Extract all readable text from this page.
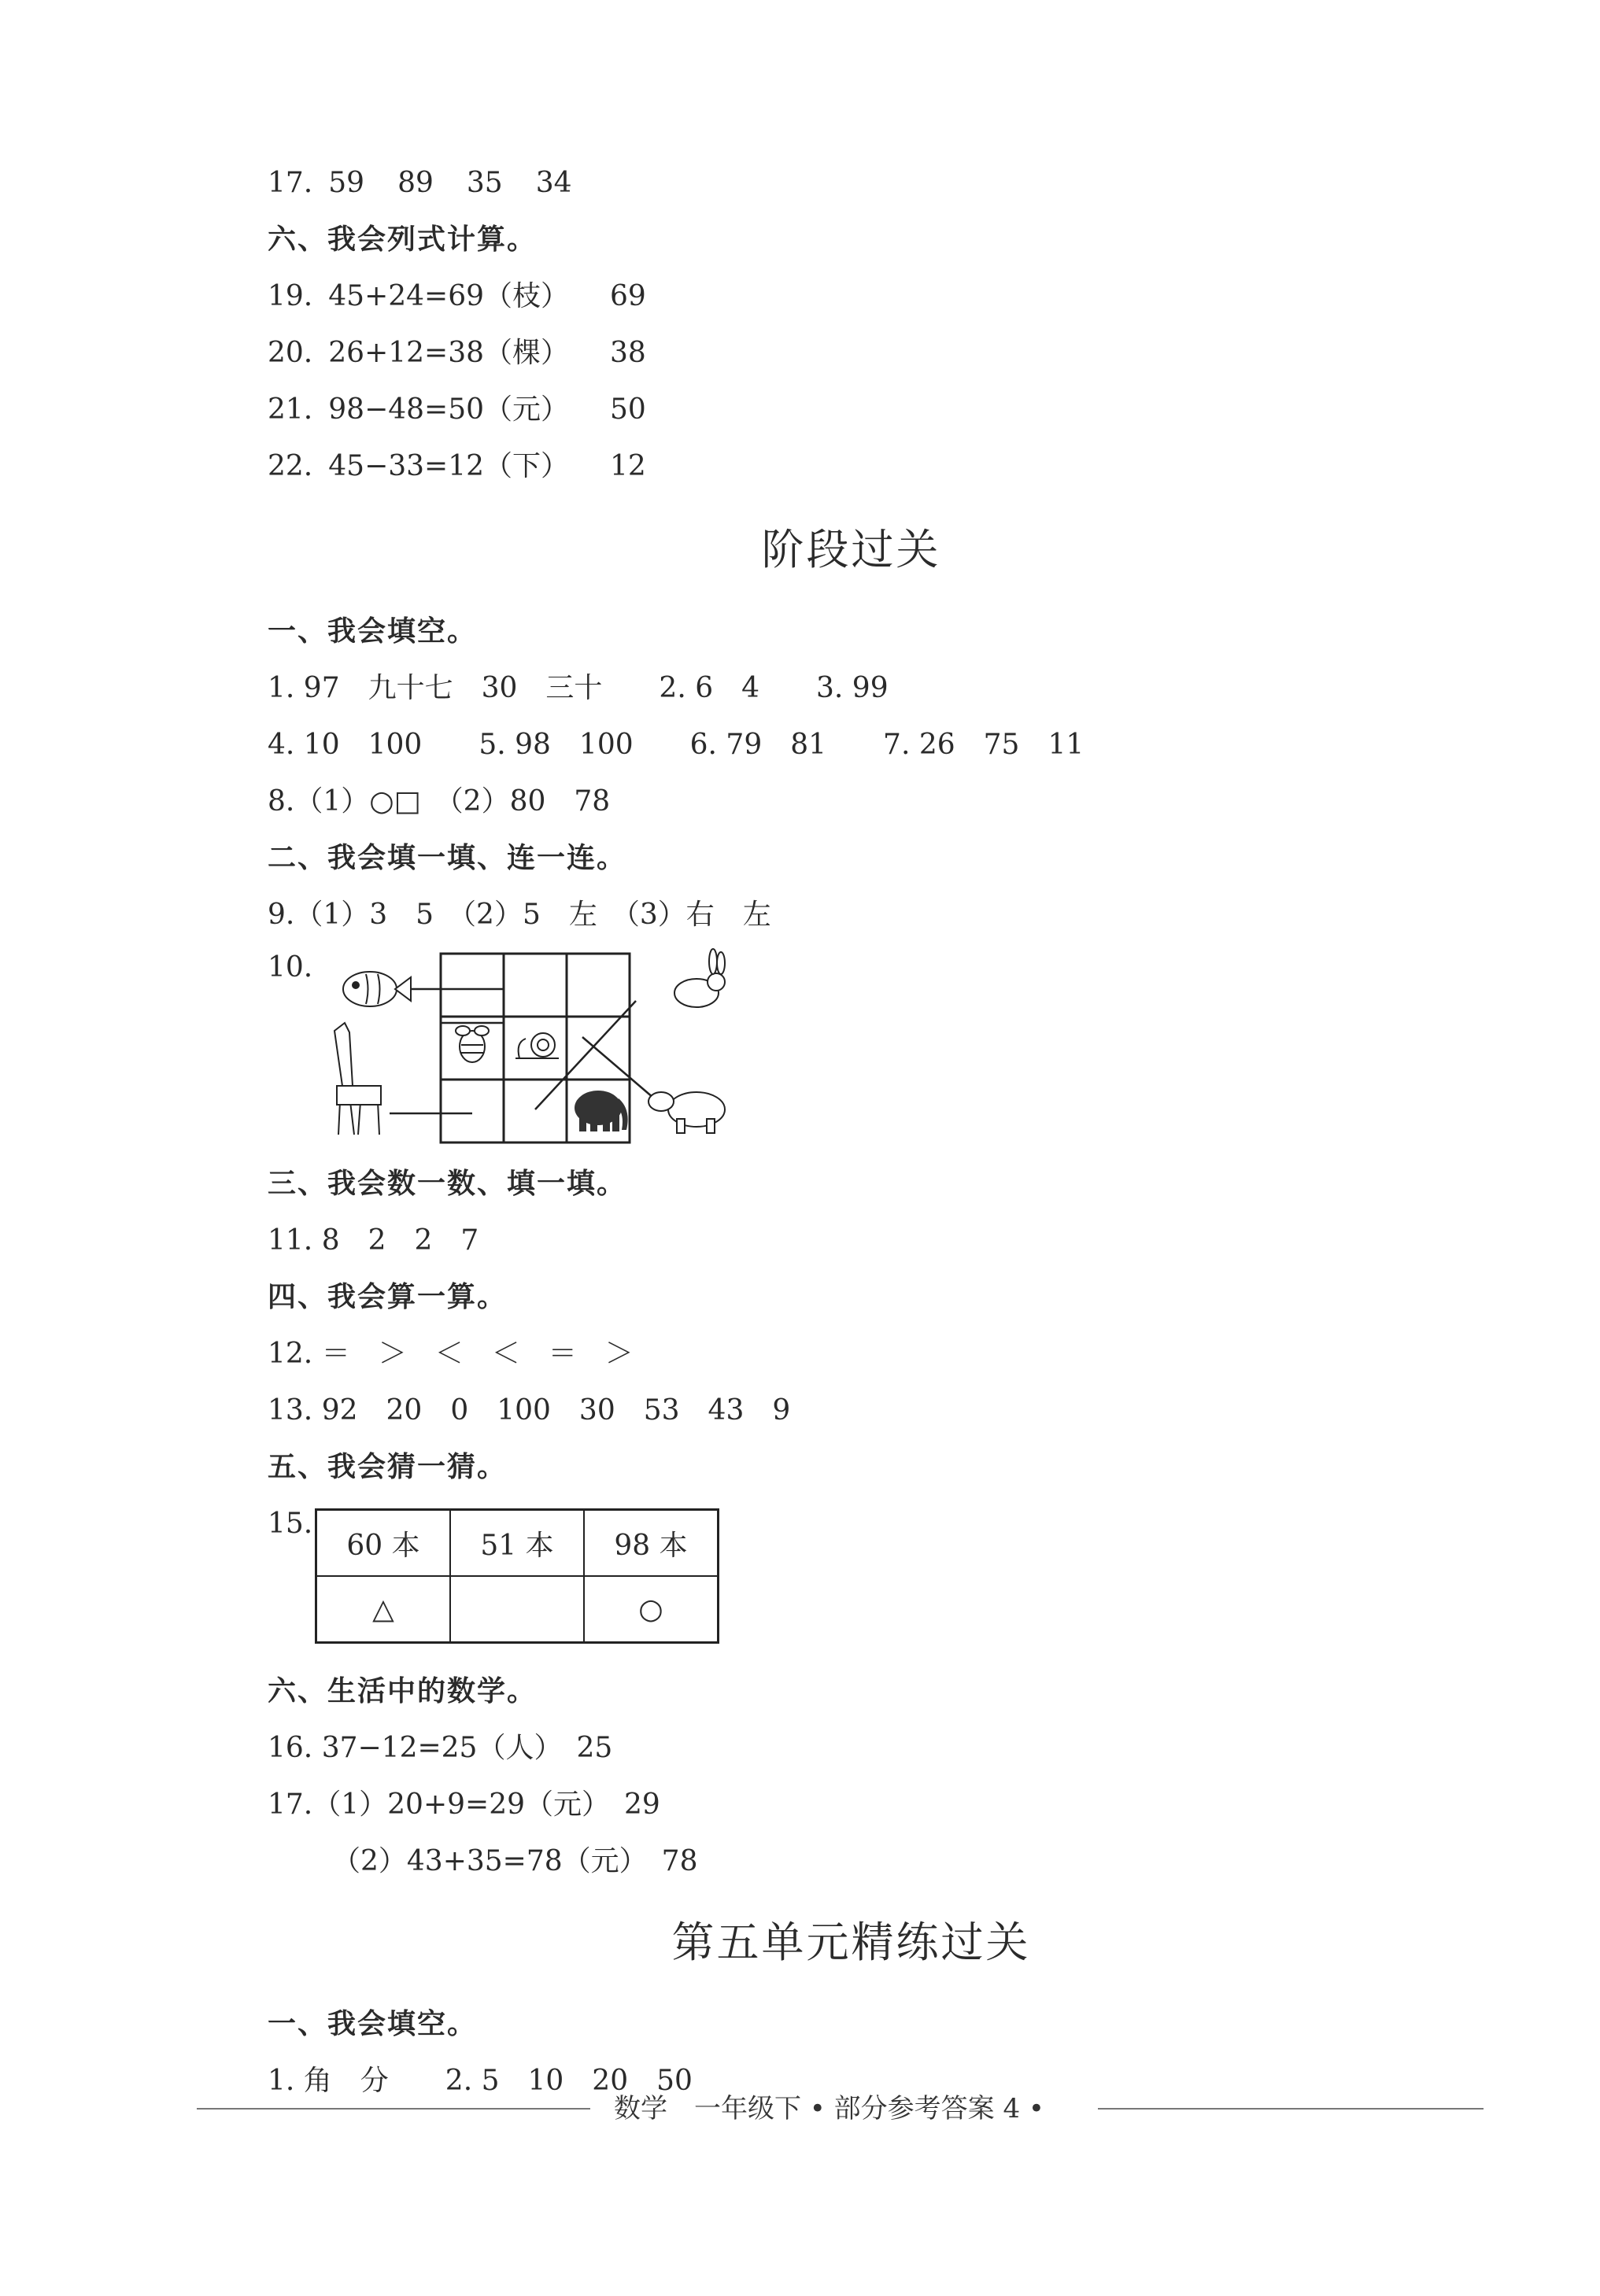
17. 59 89 35 34
六、我会列式计算。
19. 45+24=69（枝） 69
20. 26+12=38（棵） 38
21. 98−48=50（元） 50
22. 45−33=12（下） 12
阶段过关
一、我会填空。
1. 97　九十七　30　三十　　2. 6　4　　3. 99
4. 10　100　　5. 98　100　　6. 79　81　　7. 26　75　11
8.（1）○□　（2）80　78
二、我会填一填、连一连。
9.（1）3　5　（2）5　左　（3）右　左
10.
三、我会数一数、填一填。
11. 8　2　2　7
四、我会算一算。
12. ＝　＞　＜　＜　＝　＞
13. 92　20　0　100　30　53　43　9
五、我会猜一猜。
15.
60 本	51 本	98 本
△		○
六、生活中的数学。
16. 37−12=25（人）　25
17.（1）20+9=29（元）　29
（2）43+35=78（元）　78
第五单元精练过关
一、我会填空。
1. 角　分　　2. 5　10　20　50
数学　一年级下 • 部分参考答案 4 •
